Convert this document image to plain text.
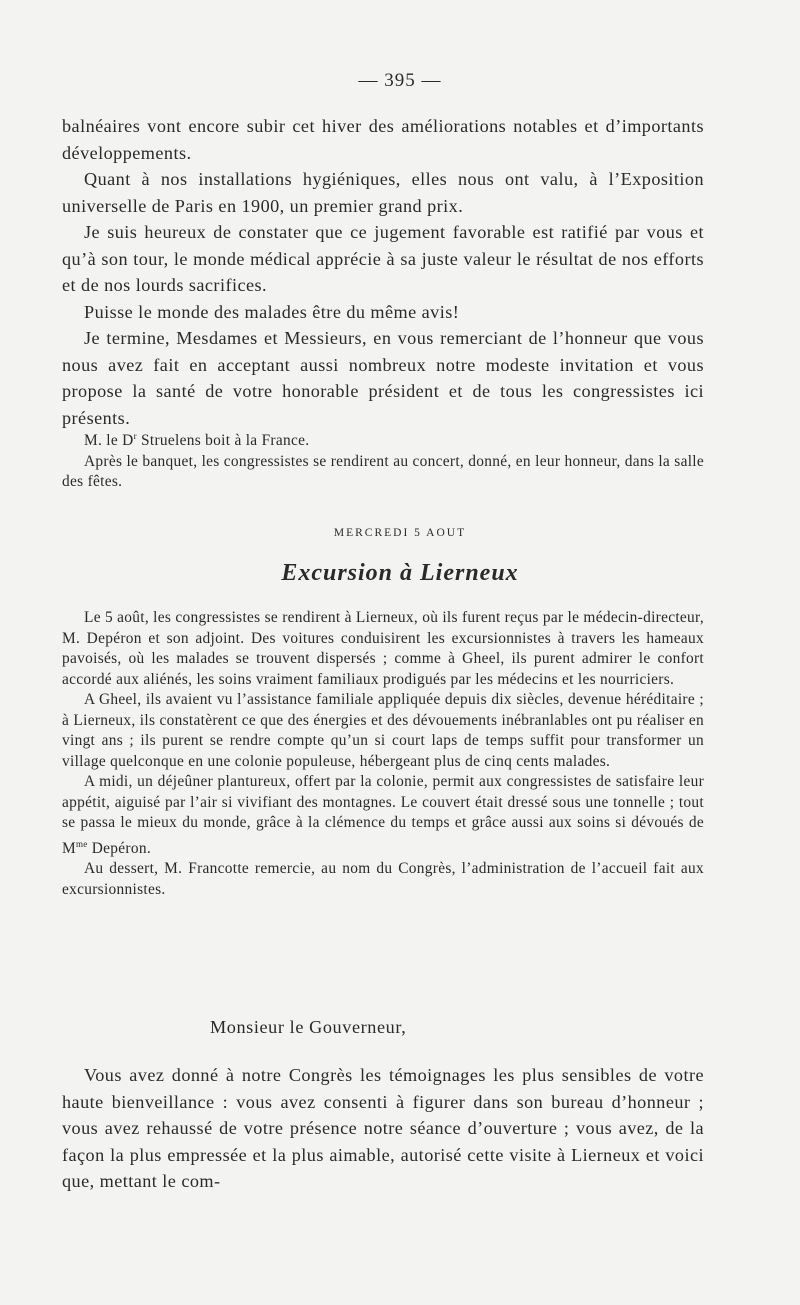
— 395 —

balnéaires vont encore subir cet hiver des améliorations notables et d’importants développements.

Quant à nos installations hygiéniques, elles nous ont valu, à l’Exposition universelle de Paris en 1900, un premier grand prix.

Je suis heureux de constater que ce jugement favorable est ratifié par vous et qu’à son tour, le monde médical apprécie à sa juste valeur le résultat de nos efforts et de nos lourds sacrifices.

Puisse le monde des malades être du même avis!

Je termine, Mesdames et Messieurs, en vous remerciant de l’honneur que vous nous avez fait en acceptant aussi nombreux notre modeste invitation et vous propose la santé de votre honorable président et de tous les congressistes ici présents.

M. le $D^r$ Struelens boit à la France.

Après le banquet, les congressistes se rendirent au concert, donné, en leur honneur, dans la salle des fêtes.

MERCREDI 5 AOUT
Excursion à Lierneux

Le 5 août, les congressistes se rendirent à Lierneux, où ils furent reçus par le médecin-directeur, M. Depéron et son adjoint. Des voitures conduisirent les excursionnistes à travers les hameaux pavoisés, où les malades se trouvent dispersés ; comme à Gheel, ils purent admirer le confort accordé aux aliénés, les soins vraiment familiaux prodigués par les médecins et les nourriciers.

A Gheel, ils avaient vu l’assistance familiale appliquée depuis dix siècles, devenue héréditaire ; à Lierneux, ils constatèrent ce que des énergies et des dévouements inébranlables ont pu réaliser en vingt ans ; ils purent se rendre compte qu’un si court laps de temps suffit pour transformer un village quelconque en une colonie populeuse, hébergeant plus de cinq cents malades.

A midi, un déjeûner plantureux, offert par la colonie, permit aux congressistes de satisfaire leur appétit, aiguisé par l’air si vivifiant des montagnes. Le couvert était dressé sous une tonnelle ; tout se passa le mieux du monde, grâce à la clémence du temps et grâce aussi aux soins si dévoués de $M^{me}$ Depéron.

Au dessert, M. Francotte remercie, au nom du Congrès, l’administration de l’accueil fait aux excursionnistes.

Monsieur le Gouverneur,

Vous avez donné à notre Congrès les témoignages les plus sensibles de votre haute bienveillance : vous avez consenti à figurer dans son bureau d’honneur ; vous avez rehaussé de votre présence notre séance d’ouverture ; vous avez, de la façon la plus empressée et la plus aimable, autorisé cette visite à Lierneux et voici que, mettant le com-
